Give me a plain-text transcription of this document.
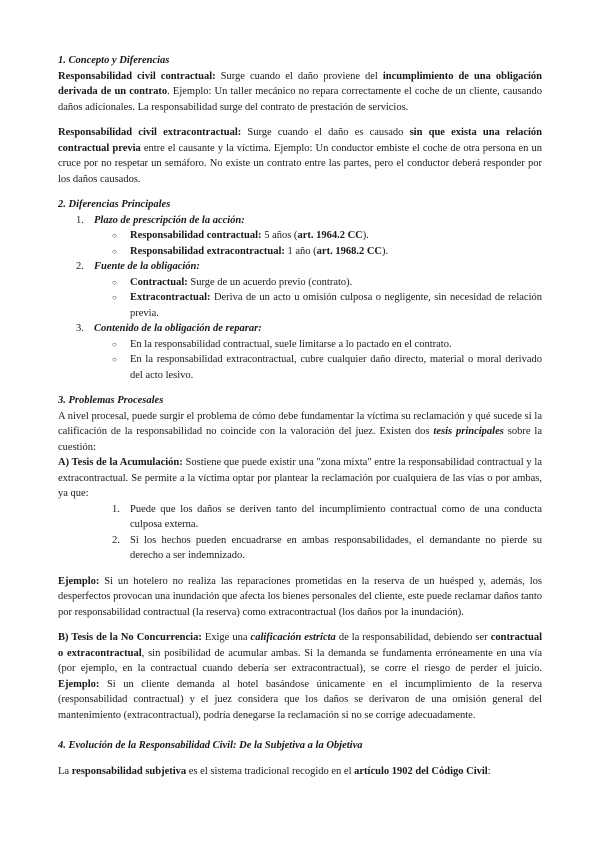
1. Concepto y Diferencias

Responsabilidad civil contractual: Surge cuando el daño proviene del incumplimiento de una obligación derivada de un contrato. Ejemplo: Un taller mecánico no repara correctamente el coche de un cliente, causando daños adicionales. La responsabilidad surge del contrato de prestación de servicios.

Responsabilidad civil extracontractual: Surge cuando el daño es causado sin que exista una relación contractual previa entre el causante y la víctima. Ejemplo: Un conductor embiste el coche de otra persona en un cruce por no respetar un semáforo. No existe un contrato entre las partes, pero el conductor deberá responder por los daños causados.

2. Diferencias Principales

1. Plazo de prescripción de la acción:
○ Responsabilidad contractual: 5 años (art. 1964.2 CC).
○ Responsabilidad extracontractual: 1 año (art. 1968.2 CC).
2. Fuente de la obligación:
○ Contractual: Surge de un acuerdo previo (contrato).
○ Extracontractual: Deriva de un acto u omisión culposa o negligente, sin necesidad de relación previa.
3. Contenido de la obligación de reparar:
○ En la responsabilidad contractual, suele limitarse a lo pactado en el contrato.
○ En la responsabilidad extracontractual, cubre cualquier daño directo, material o moral derivado del acto lesivo.

3. Problemas Procesales

A nivel procesal, puede surgir el problema de cómo debe fundamentar la víctima su reclamación y qué sucede si la calificación de la responsabilidad no coincide con la valoración del juez. Existen dos tesis principales sobre la cuestión:

A) Tesis de la Acumulación: Sostiene que puede existir una "zona mixta" entre la responsabilidad contractual y la extracontractual. Se permite a la víctima optar por plantear la reclamación por cualquiera de las vías o por ambas, ya que:

1. Puede que los daños se deriven tanto del incumplimiento contractual como de una conducta culposa externa.
2. Si los hechos pueden encuadrarse en ambas responsabilidades, el demandante no pierde su derecho a ser indemnizado.

Ejemplo: Si un hotelero no realiza las reparaciones prometidas en la reserva de un huésped y, además, los desperfectos provocan una inundación que afecta los bienes personales del cliente, este puede reclamar daños tanto por responsabilidad contractual (la reserva) como extracontractual (los daños por la inundación).

B) Tesis de la No Concurrencia: Exige una calificación estricta de la responsabilidad, debiendo ser contractual o extracontractual, sin posibilidad de acumular ambas. Si la demanda se fundamenta erróneamente en una vía (por ejemplo, en la contractual cuando debería ser extracontractual), se corre el riesgo de perder el juicio. Ejemplo: Si un cliente demanda al hotel basándose únicamente en el incumplimiento de la reserva (responsabilidad contractual) y el juez considera que los daños se derivaron de una omisión general del mantenimiento (extracontractual), podría denegarse la reclamación si no se corrige adecuadamente.

4. Evolución de la Responsabilidad Civil: De la Subjetiva a la Objetiva

La responsabilidad subjetiva es el sistema tradicional recogido en el artículo 1902 del Código Civil:
